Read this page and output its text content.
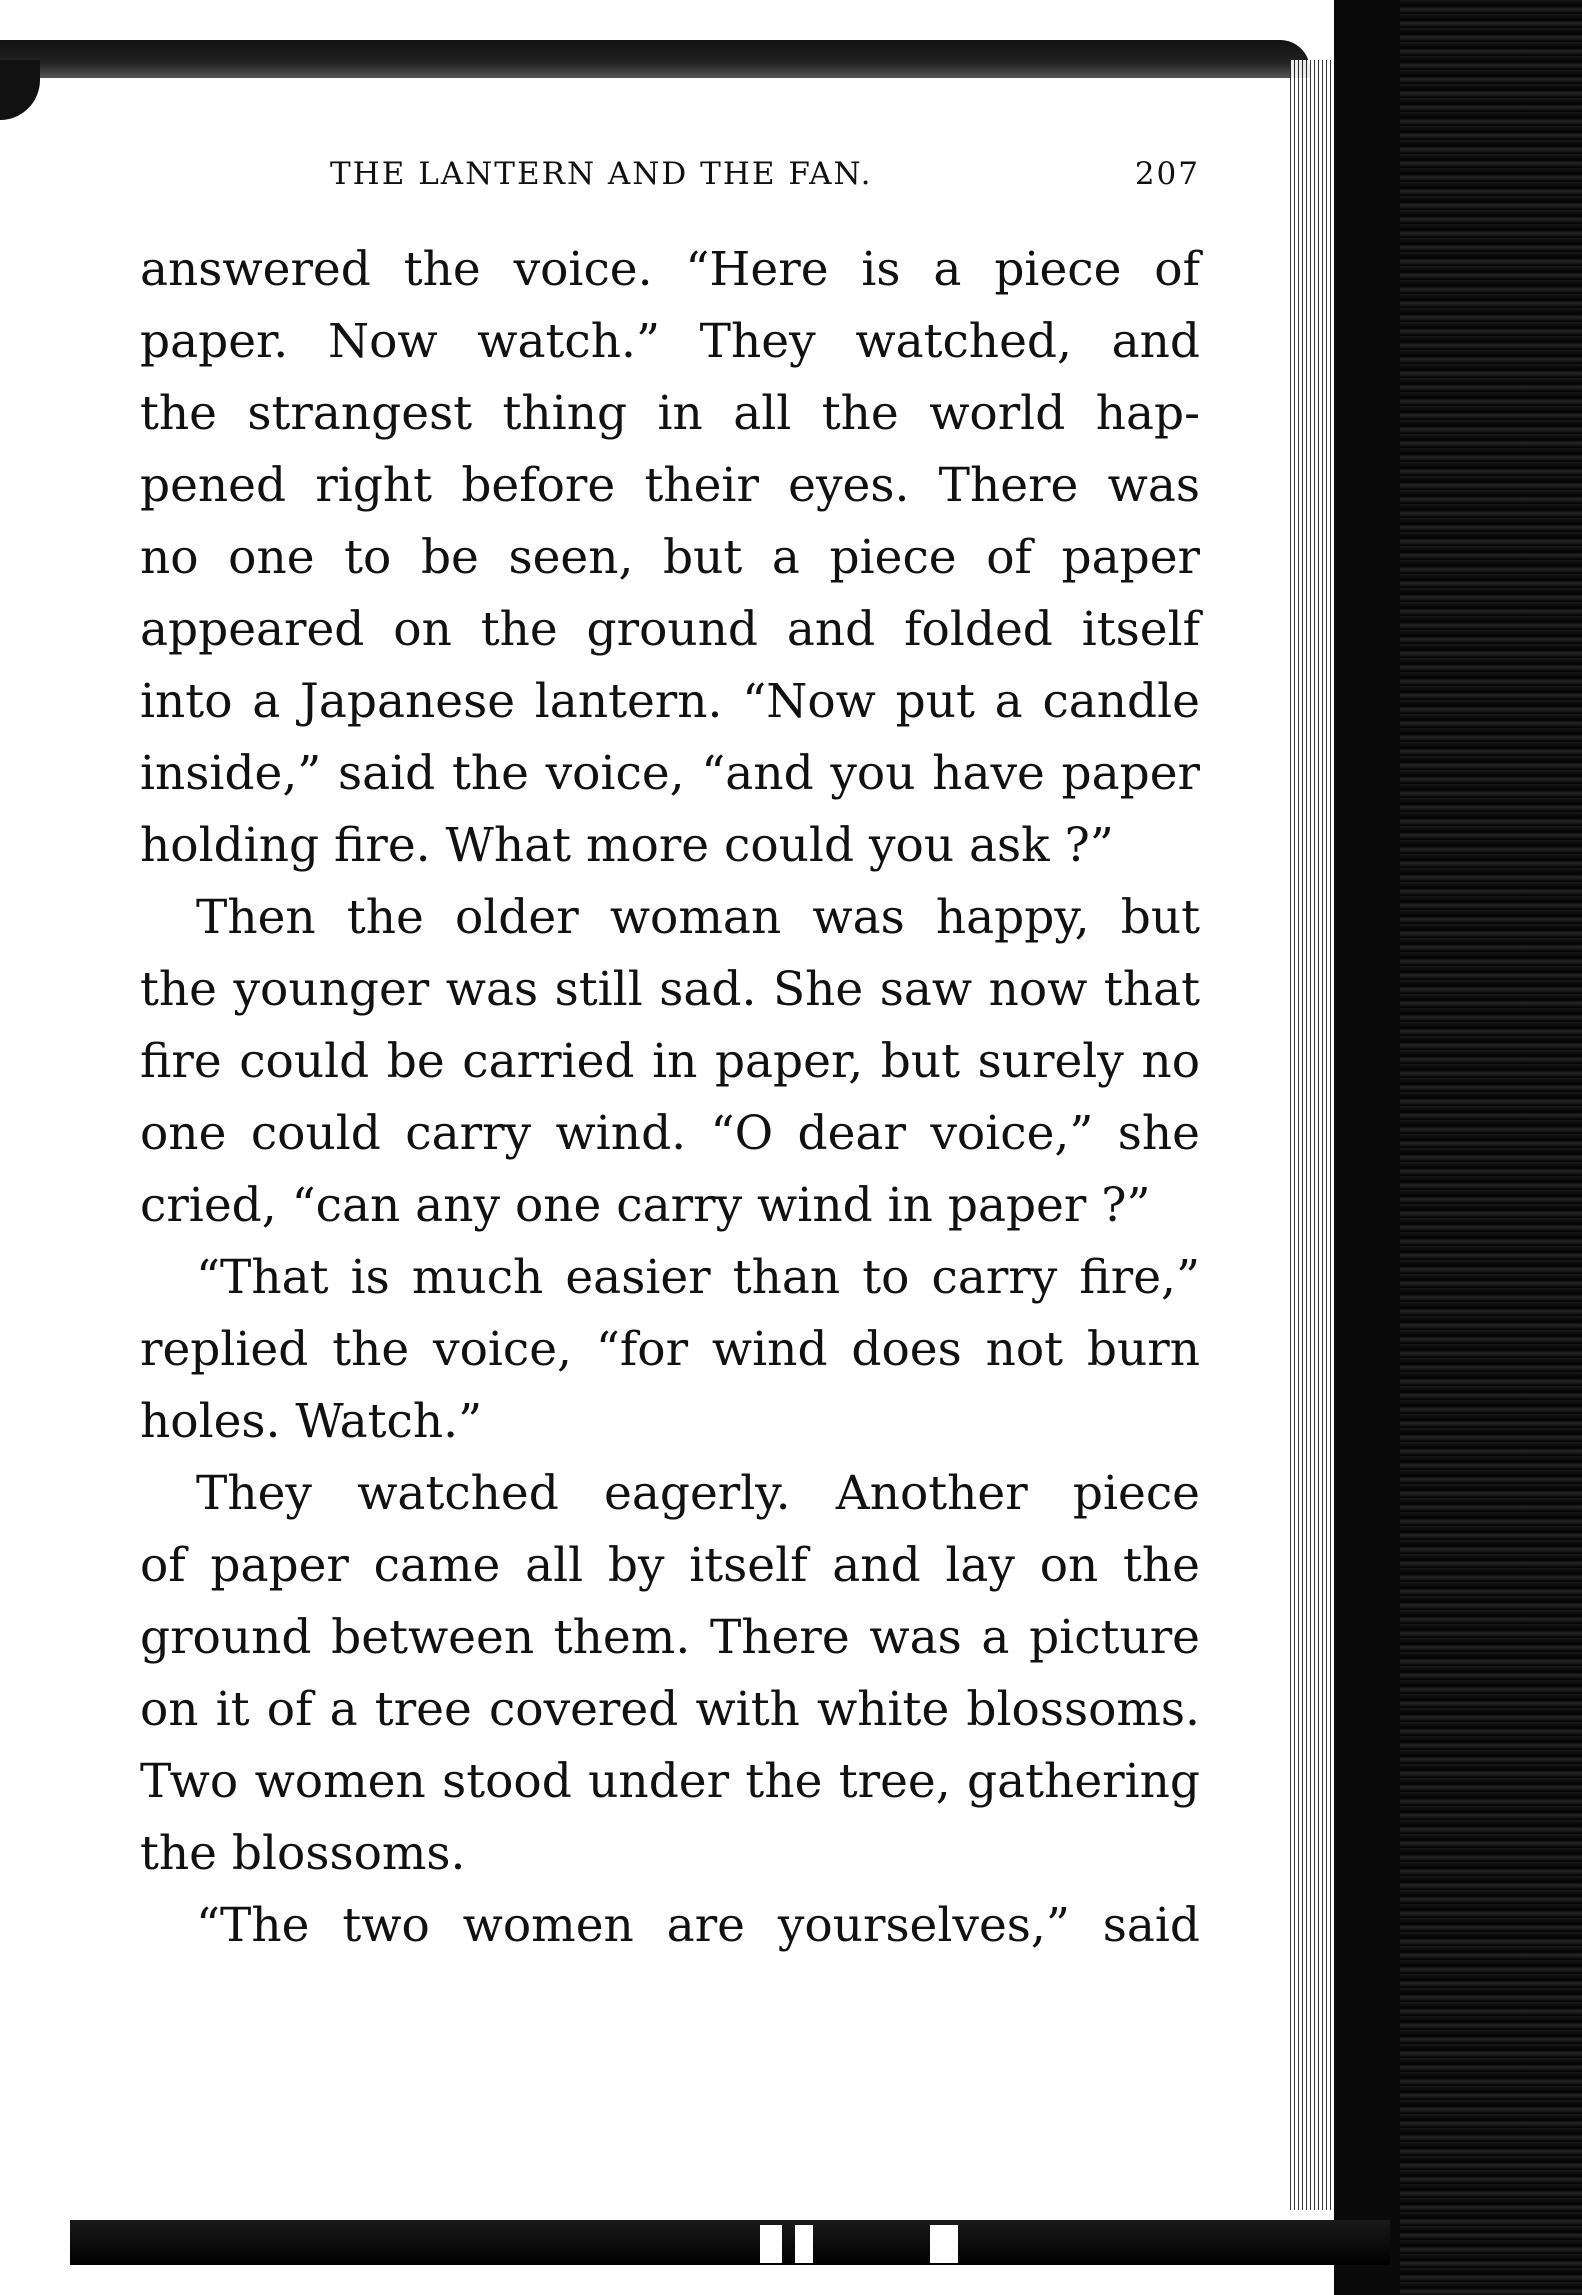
THE LANTERN AND THE FAN.	207
answered the voice. “Here is a piece of
paper. Now watch.” They watched, and
the strangest thing in all the world hap-
pened right before their eyes. There was
no one to be seen, but a piece of paper
appeared on the ground and folded itself
into a Japanese lantern. “Now put a candle
inside,” said the voice, “and you have paper
holding fire. What more could you ask ?”
Then the older woman was happy, but
the younger was still sad. She saw now that
fire could be carried in paper, but surely no
one could carry wind. “O dear voice,” she
cried, “can any one carry wind in paper ?”
“That is much easier than to carry fire,”
replied the voice, “for wind does not burn
holes. Watch.”
They watched eagerly. Another piece
of paper came all by itself and lay on the
ground between them. There was a picture
on it of a tree covered with white blossoms.
Two women stood under the tree, gathering
the blossoms.
“The two women are yourselves,” said
